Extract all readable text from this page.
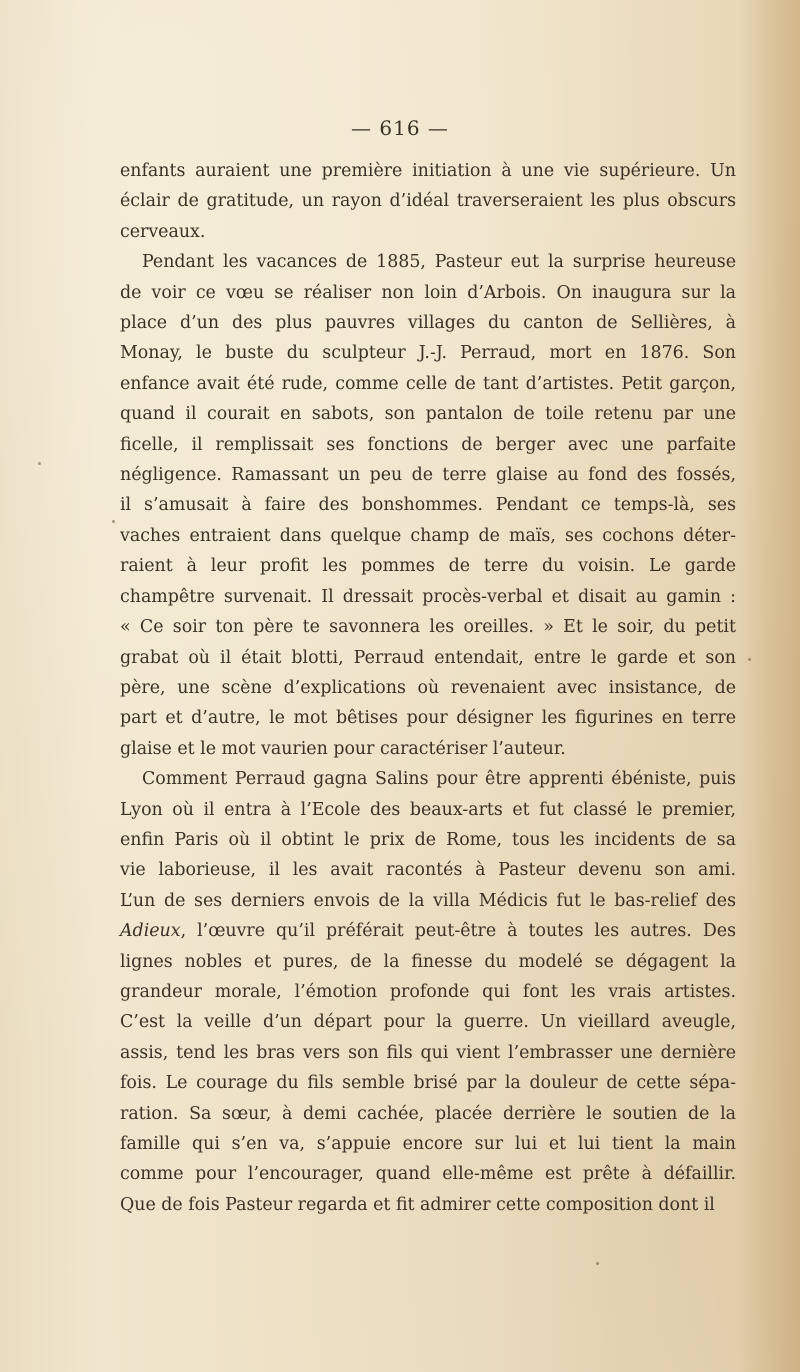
— 616 —
enfants auraient une première initiation à une vie supérieure. Un
éclair de gratitude, un rayon d’idéal traverseraient les plus obscurs
cerveaux.
Pendant les vacances de 1885, Pasteur eut la surprise heureuse
de voir ce vœu se réaliser non loin d’Arbois. On inaugura sur la
place d’un des plus pauvres villages du canton de Sellières, à
Monay, le buste du sculpteur J.-J. Perraud, mort en 1876. Son
enfance avait été rude, comme celle de tant d’artistes. Petit garçon,
quand il courait en sabots, son pantalon de toile retenu par une
ficelle, il remplissait ses fonctions de berger avec une parfaite
négligence. Ramassant un peu de terre glaise au fond des fossés,
il s’amusait à faire des bonshommes. Pendant ce temps-là, ses
vaches entraient dans quelque champ de maïs, ses cochons déter-
raient à leur profit les pommes de terre du voisin. Le garde
champêtre survenait. Il dressait procès-verbal et disait au gamin :
« Ce soir ton père te savonnera les oreilles. » Et le soir, du petit
grabat où il était blotti, Perraud entendait, entre le garde et son
père, une scène d’explications où revenaient avec insistance, de
part et d’autre, le mot bêtises pour désigner les figurines en terre
glaise et le mot vaurien pour caractériser l’auteur.
Comment Perraud gagna Salins pour être apprenti ébéniste, puis
Lyon où il entra à l’Ecole des beaux-arts et fut classé le premier,
enfin Paris où il obtint le prix de Rome, tous les incidents de sa
vie laborieuse, il les avait racontés à Pasteur devenu son ami.
L’un de ses derniers envois de la villa Médicis fut le bas-relief des
Adieux, l’œuvre qu’il préférait peut-être à toutes les autres. Des
lignes nobles et pures, de la finesse du modelé se dégagent la
grandeur morale, l’émotion profonde qui font les vrais artistes.
C’est la veille d’un départ pour la guerre. Un vieillard aveugle,
assis, tend les bras vers son fils qui vient l’embrasser une dernière
fois. Le courage du fils semble brisé par la douleur de cette sépa-
ration. Sa sœur, à demi cachée, placée derrière le soutien de la
famille qui s’en va, s’appuie encore sur lui et lui tient la main
comme pour l’encourager, quand elle-même est prête à défaillir.
Que de fois Pasteur regarda et fit admirer cette composition dont il
